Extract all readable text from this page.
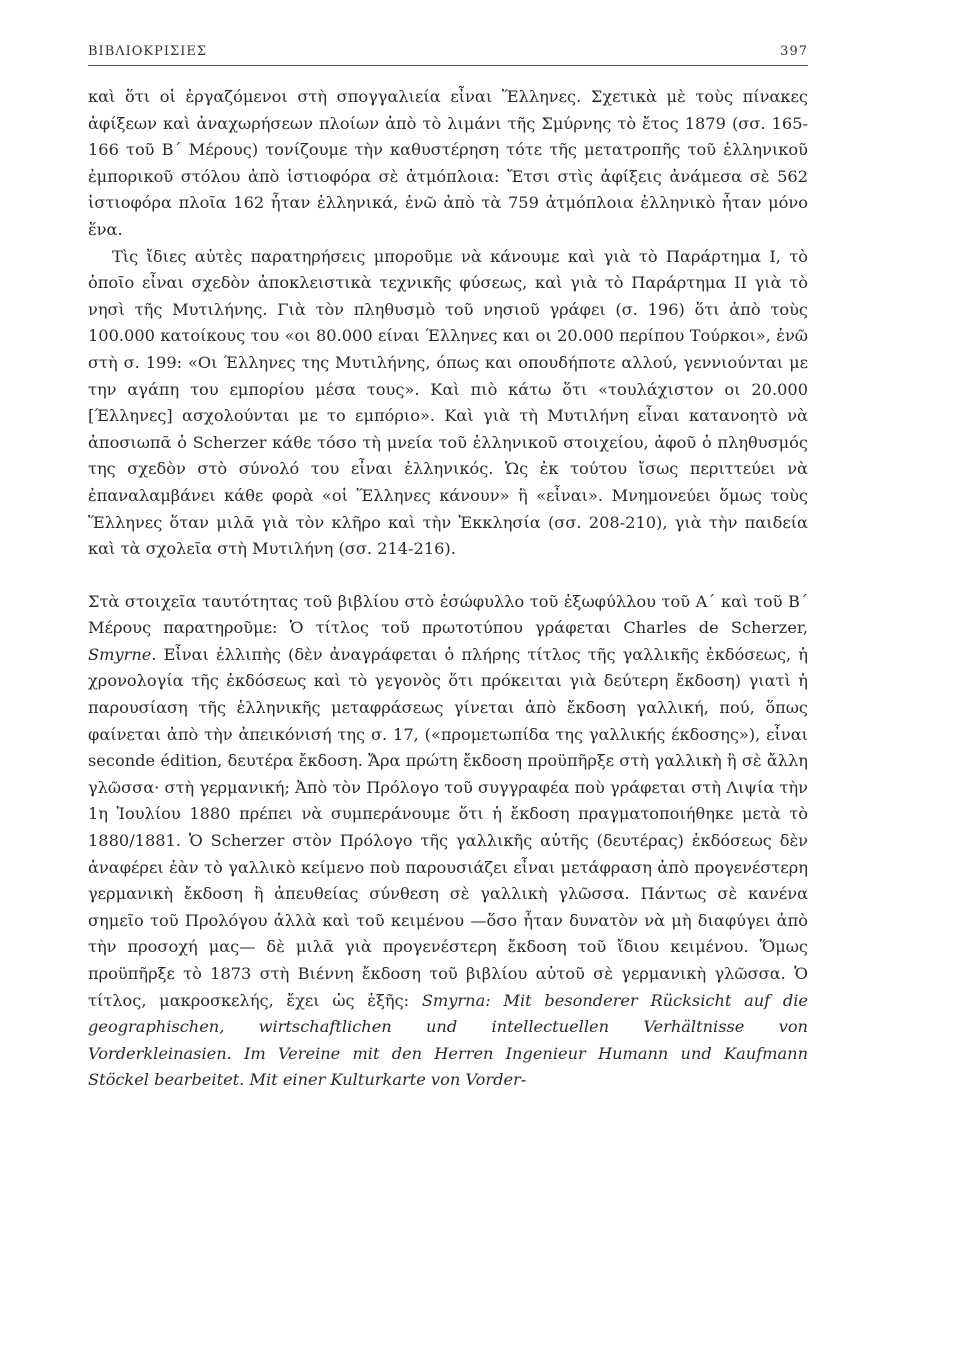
ΒΙΒΛΙΟΚΡΙΣΙΕΣ	397

καὶ ὅτι οἱ ἐργαζόμενοι στὴ σπογγαλιεία εἶναι Ἕλληνες. Σχετικὰ μὲ τοὺς πίνακες ἀφίξεων καὶ ἀναχωρήσεων πλοίων ἀπὸ τὸ λιμάνι τῆς Σμύρνης τὸ ἔτος 1879 (σσ. 165-166 τοῦ Β΄ Μέρους) τονίζουμε τὴν καθυστέρηση τότε τῆς μετατροπῆς τοῦ ἑλληνικοῦ ἐμπορικοῦ στόλου ἀπὸ ἱστιοφόρα σὲ ἀτμόπλοια: Ἔτσι στὶς ἀφίξεις ἀνάμεσα σὲ 562 ἱστιοφόρα πλοῖα 162 ἦταν ἑλληνικά, ἐνῶ ἀπὸ τὰ 759 ἀτμόπλοια ἑλληνικὸ ἦταν μόνο ἕνα.

Τὶς ἴδιες αὐτὲς παρατηρήσεις μποροῦμε νὰ κάνουμε καὶ γιὰ τὸ Παράρτημα Ι, τὸ ὁποῖο εἶναι σχεδὸν ἀποκλειστικὰ τεχνικῆς φύσεως, καὶ γιὰ τὸ Παράρτημα ΙΙ γιὰ τὸ νησὶ τῆς Μυτιλήνης. Γιὰ τὸν πληθυσμὸ τοῦ νησιοῦ γράφει (σ. 196) ὅτι ἀπὸ τοὺς 100.000 κατοίκους του «οι 80.000 είναι Έλληνες και οι 20.000 περίπου Τούρκοι», ἐνῶ στὴ σ. 199: «Οι Έλληνες της Μυτιλήνης, όπως και οπουδήποτε αλλού, γεννιούνται με την αγάπη του εμπορίου μέσα τους». Καὶ πιὸ κάτω ὅτι «τουλάχιστον οι 20.000 [Έλληνες] ασχολούνται με το εμπόριο». Καὶ γιὰ τὴ Μυτιλήνη εἶναι κατανοητὸ νὰ ἀποσιωπᾶ ὁ Scherzer κάθε τόσο τὴ μνεία τοῦ ἑλληνικοῦ στοιχείου, ἀφοῦ ὁ πληθυσμός της σχεδὸν στὸ σύνολό του εἶναι ἑλληνικός. Ὡς ἐκ τούτου ἴσως περιττεύει νὰ ἐπαναλαμβάνει κάθε φορὰ «οἱ Ἕλληνες κάνουν» ἢ «εἶναι». Μνημονεύει ὅμως τοὺς Ἕλληνες ὅταν μιλᾶ γιὰ τὸν κλῆρο καὶ τὴν Ἐκκλησία (σσ. 208-210), γιὰ τὴν παιδεία καὶ τὰ σχολεῖα στὴ Μυτιλήνη (σσ. 214-216).

Στὰ στοιχεῖα ταυτότητας τοῦ βιβλίου στὸ ἐσώφυλλο τοῦ ἐξωφύλλου τοῦ Α΄ καὶ τοῦ Β΄ Μέρους παρατηροῦμε: Ὁ τίτλος τοῦ πρωτοτύπου γράφεται Charles de Scherzer, Smyrne. Εἶναι ἐλλιπὴς (δὲν ἀναγράφεται ὁ πλήρης τίτλος τῆς γαλλικῆς ἐκδόσεως, ἡ χρονολογία τῆς ἐκδόσεως καὶ τὸ γεγονὸς ὅτι πρόκειται γιὰ δεύτερη ἔκδοση) γιατὶ ἡ παρουσίαση τῆς ἑλληνικῆς μεταφράσεως γίνεται ἀπὸ ἔκδοση γαλλική, πού, ὅπως φαίνεται ἀπὸ τὴν ἀπεικόνισή της σ. 17, («προμετωπίδα της γαλλικής έκδοσης»), εἶναι seconde édition, δευτέρα ἔκδοση. Ἄρα πρώτη ἔκδοση προϋπῆρξε στὴ γαλλικὴ ἢ σὲ ἄλλη γλῶσσα· στὴ γερμανική; Ἀπὸ τὸν Πρόλογο τοῦ συγγραφέα ποὺ γράφεται στὴ Λιψία τὴν 1η Ἰουλίου 1880 πρέπει νὰ συμπεράνουμε ὅτι ἡ ἔκδοση πραγματοποιήθηκε μετὰ τὸ 1880/1881. Ὁ Scherzer στὸν Πρόλογο τῆς γαλλικῆς αὐτῆς (δευτέρας) ἐκδόσεως δὲν ἀναφέρει ἐὰν τὸ γαλλικὸ κείμενο ποὺ παρουσιάζει εἶναι μετάφραση ἀπὸ προγενέστερη γερμανικὴ ἔκδοση ἢ ἀπευθείας σύνθεση σὲ γαλλικὴ γλῶσσα. Πάντως σὲ κανένα σημεῖο τοῦ Προλόγου ἀλλὰ καὶ τοῦ κειμένου —ὅσο ἦταν δυνατὸν νὰ μὴ διαφύγει ἀπὸ τὴν προσοχή μας— δὲ μιλᾶ γιὰ προγενέστερη ἔκδοση τοῦ ἴδιου κειμένου. Ὅμως προϋπῆρξε τὸ 1873 στὴ Βιέννη ἔκδοση τοῦ βιβλίου αὐτοῦ σὲ γερμανικὴ γλῶσσα. Ὁ τίτλος, μακροσκελής, ἔχει ὡς ἑξῆς: Smyrna: Mit besonderer Rücksicht auf die geographischen, wirtschaftlichen und intellectuellen Verhältnisse von Vorderkleinasien. Im Vereine mit den Herren Ingenieur Humann und Kaufmann Stöckel bearbeitet. Mit einer Kulturkarte von Vorder-
